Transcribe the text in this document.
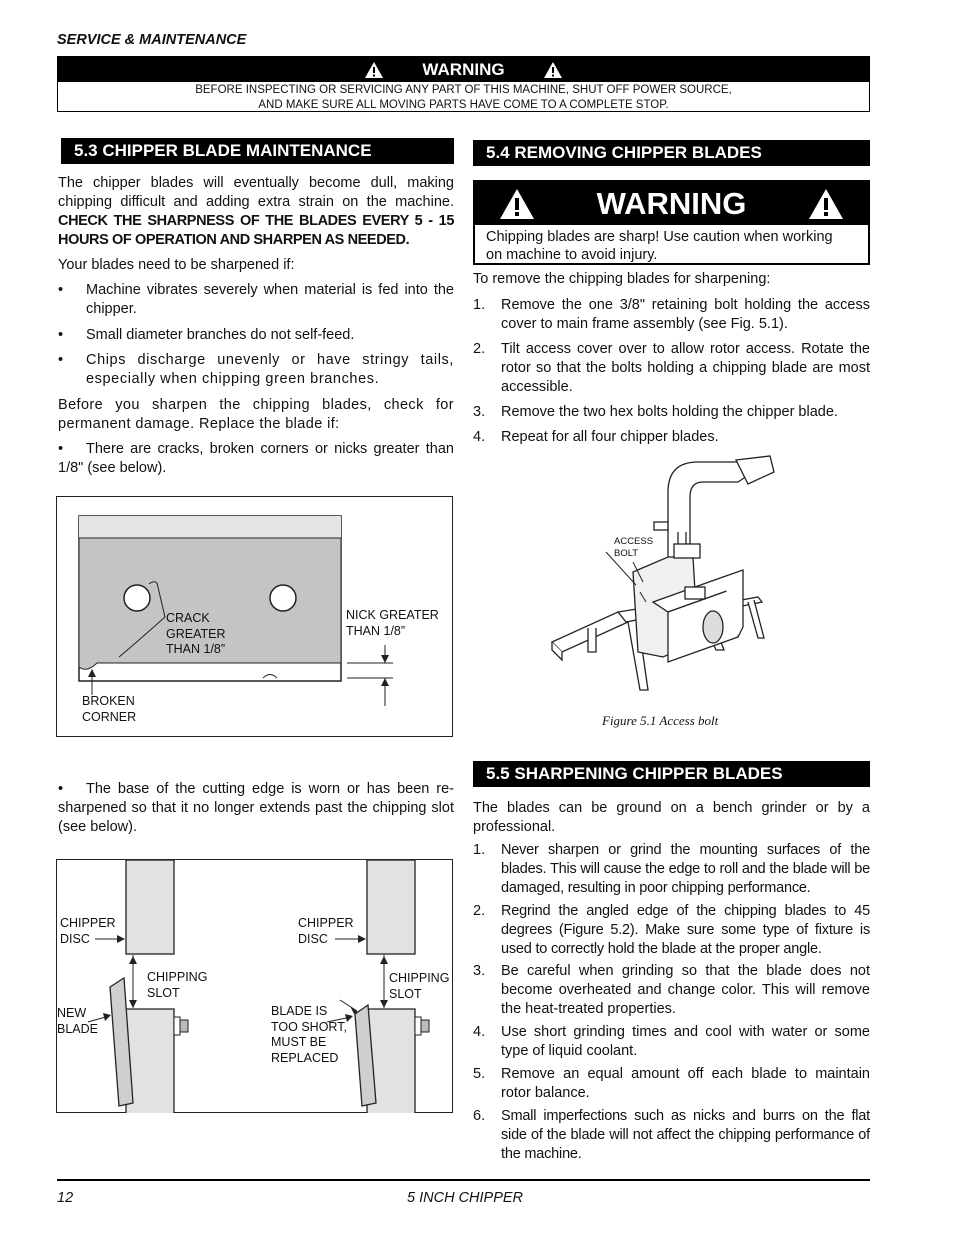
SERVICE & MAINTENANCE
WARNING
BEFORE INSPECTING OR SERVICING ANY PART OF THIS MACHINE, SHUT OFF POWER SOURCE,
AND MAKE SURE ALL MOVING PARTS HAVE COME TO A COMPLETE STOP.
5.3 CHIPPER BLADE MAINTENANCE
The chipper blades will eventually become dull, making chipping difficult and adding extra strain on the machine. CHECK THE SHARPNESS OF THE BLADES EVERY 5 - 15 HOURS OF OPERATION AND SHARPEN AS NEEDED.
Your blades need to be sharpened if:
•	Machine vibrates severely when material is fed into the chipper.
•	Small diameter branches do not self-feed.
•	Chips discharge unevenly or have stringy tails, especially when chipping green branches.
Before you sharpen the chipping blades, check for permanent damage. Replace the blade if:
• There are cracks, broken corners or nicks greater than 1/8" (see below).
CRACK
GREATER
THAN 1/8”
NICK GREATER
THAN 1/8”
BROKEN
CORNER
• The base of the cutting edge is worn or has been re-sharpened so that it no longer extends past the chipping slot (see below).
CHIPPER
DISC
CHIPPING
SLOT
NEW
BLADE
CHIPPER
DISC
CHIPPING
SLOT
BLADE IS
TOO SHORT,
MUST BE
REPLACED
5.4 REMOVING CHIPPER BLADES
WARNING
Chipping blades are sharp! Use caution when working
on machine to avoid injury.
To remove the chipping blades for sharpening:
1.	Remove the one 3/8" retaining bolt holding the access cover to main frame assembly (see Fig. 5.1).
2.	Tilt access cover over to allow rotor access. Rotate the rotor so that the bolts holding a chipping blade are most accessible.
3.	Remove the two hex bolts holding the chipper blade.
4.	Repeat for all four chipper blades.
ACCESS
BOLT
Figure 5.1 Access bolt
5.5 SHARPENING CHIPPER BLADES
The blades can be ground on a bench grinder or by a professional.
1.	Never sharpen or grind the mounting surfaces of the blades. This will cause the edge to roll and the blade will be damaged, resulting in poor chipping performance.
2.	Regrind the angled edge of the chipping blades to 45 degrees (Figure 5.2). Make sure some type of fixture is used to correctly hold the blade at the proper angle.
3.	Be careful when grinding so that the blade does not become overheated and change color. This will remove the heat-treated properties.
4.	Use short grinding times and cool with water or some type of liquid coolant.
5.	Remove an equal amount off each blade to maintain rotor balance.
6.	Small imperfections such as nicks and burrs on the flat side of the blade will not affect the chipping performance of the machine.
12	5 INCH CHIPPER
